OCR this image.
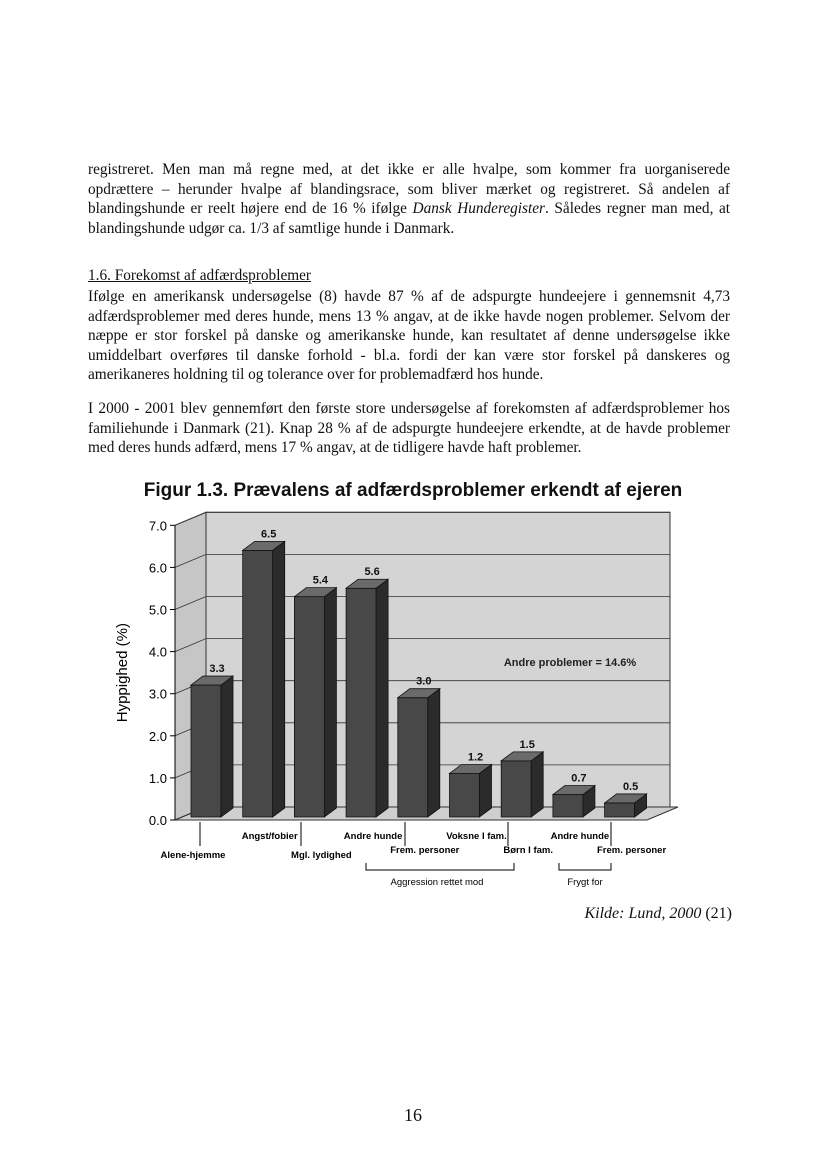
registreret. Men man må regne med, at det ikke er alle hvalpe, som kommer fra uorganiserede opdrættere – herunder hvalpe af blandingsrace, som bliver mærket og registreret. Så andelen af blandingshunde er reelt højere end de 16 % ifølge Dansk Hunderegister. Således regner man med, at blandingshunde udgør ca. 1/3 af samtlige hunde i Danmark.

1.6. Forekomst af adfærdsproblemer

Ifølge en amerikansk undersøgelse (8) havde 87 % af de adspurgte hundeejere i gennemsnit 4,73 adfærdsproblemer med deres hunde, mens 13 % angav, at de ikke havde nogen problemer. Selvom der næppe er stor forskel på danske og amerikanske hunde, kan resultatet af denne undersøgelse ikke umiddelbart overføres til danske forhold - bl.a. fordi der kan være stor forskel på danskeres og amerikaneres holdning til og tolerance over for problemadfærd hos hunde.

I 2000 - 2001 blev gennemført den første store undersøgelse af forekomsten af adfærdsproblemer hos familiehunde i Danmark (21). Knap 28 % af de adspurgte hundeejere erkendte, at de havde problemer med deres hunds adfærd, mens 17 % angav, at de tidligere havde haft problemer.

Figur 1.3. Prævalens af adfærdsproblemer erkendt af ejeren
0.0
1.0
2.0
3.0
4.0
5.0
6.0
7.0
Hyppighed (%)	Andre problemer = 14.6%
3.3
6.5
5.4
5.6
3.0
1.2
1.5
0.7
0.5
Alene-hjemme
Angst/fobier
Mgl. lydighed
Andre hunde
Frem. personer
Voksne I fam.
Børn I fam.
Andre hunde
Frem. personer
Aggression rettet mod	Frygt for
Kilde: Lund, 2000 (21)
16
